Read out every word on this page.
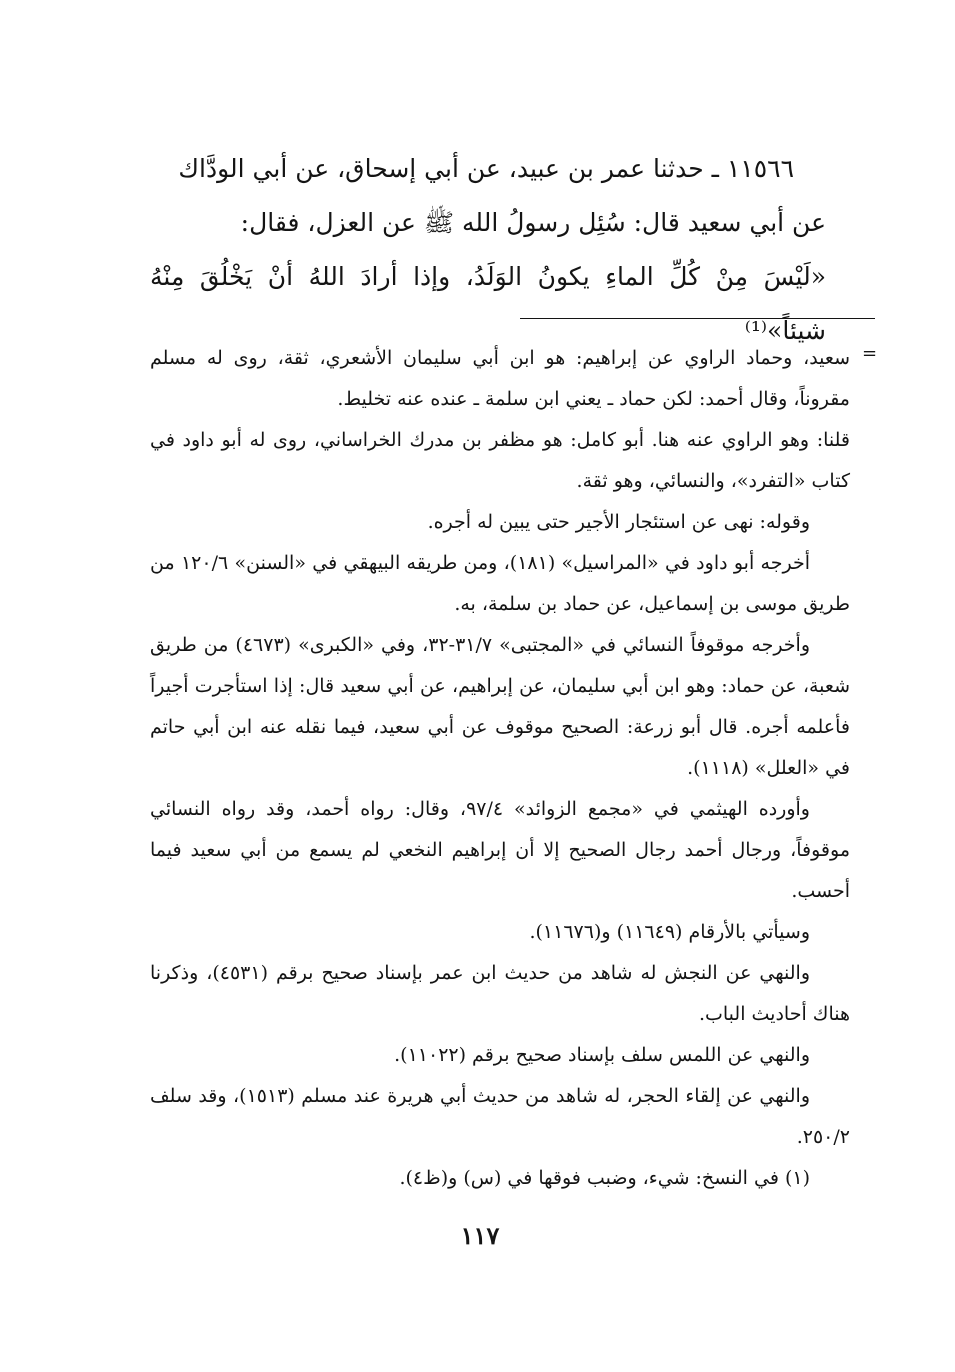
١١٥٦٦ ـ حدثنا عمر بن عبيد، عن أبي إسحاق، عن أبي الودَّاك

عن أبي سعيد قال: سُئِل رسولُ الله ﷺ عن العزل، فقال:

«لَيْسَ مِنْ كُلِّ الماءِ يكونُ الوَلَدُ، وإذا أرادَ اللهُ أنْ يَخْلُقَ مِنْهُ شيئاً»⁽¹⁾

=

سعيد، وحماد الراوي عن إبراهيم: هو ابن أبي سليمان الأشعري، ثقة، روى له مسلم مقروناً، وقال أحمد: لكن حماد ـ يعني ابن سلمة ـ عنده عنه تخليط.

قلنا: وهو الراوي عنه هنا. أبو كامل: هو مظفر بن مدرك الخراساني، روى له أبو داود في كتاب «التفرد»، والنسائي، وهو ثقة.

وقوله: نهى عن استئجار الأجير حتى يبين له أجره.

أخرجه أبو داود في «المراسيل» (١٨١)، ومن طريقه البيهقي في «السنن» ١٢٠/٦ من طريق موسى بن إسماعيل، عن حماد بن سلمة، به.

وأخرجه موقوفاً النسائي في «المجتبى» ٣١/٧-٣٢، وفي «الكبرى» (٤٦٧٣) من طريق شعبة، عن حماد: وهو ابن أبي سليمان، عن إبراهيم، عن أبي سعيد قال: إذا استأجرت أجيراً فأعلمه أجره. قال أبو زرعة: الصحيح موقوف عن أبي سعيد، فيما نقله عنه ابن أبي حاتم في «العلل» (١١١٨).

وأورده الهيثمي في «مجمع الزوائد» ٩٧/٤، وقال: رواه أحمد، وقد رواه النسائي موقوفاً، ورجال أحمد رجال الصحيح إلا أن إبراهيم النخعي لم يسمع من أبي سعيد فيما أحسب.

وسيأتي بالأرقام (١١٦٤٩) و(١١٦٧٦).

والنهي عن النجش له شاهد من حديث ابن عمر بإسناد صحيح برقم (٤٥٣١)، وذكرنا هناك أحاديث الباب.

والنهي عن اللمس سلف بإسناد صحيح برقم (١١٠٢٢).

والنهي عن إلقاء الحجر، له شاهد من حديث أبي هريرة عند مسلم (١٥١٣)، وقد سلف ٢٥٠/٢.

(١) في النسخ: شيء، وضبب فوقها في (س) و(ظ٤).

١١٧
